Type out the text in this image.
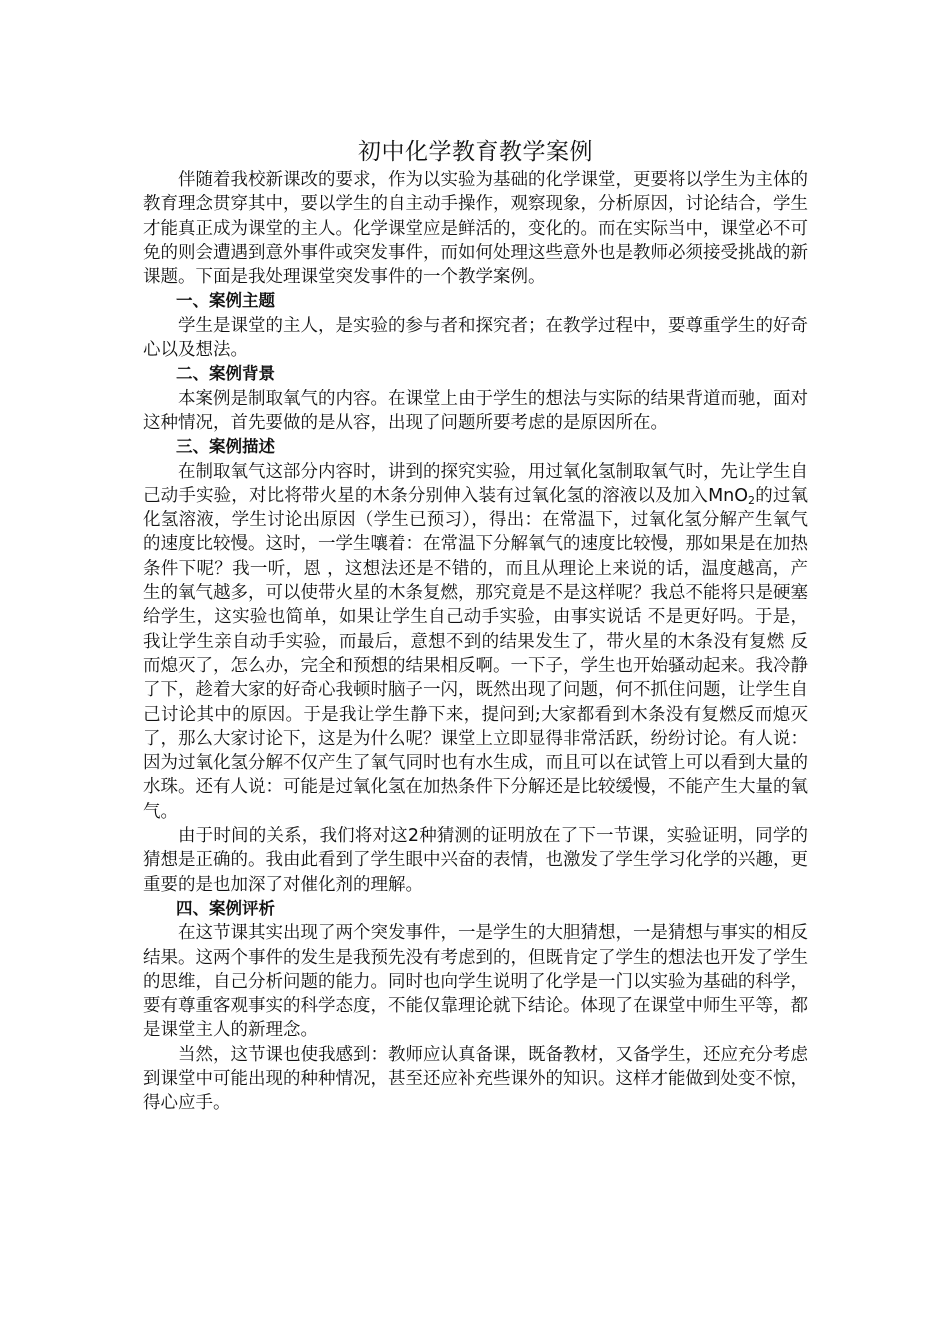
初中化学教育教学案例

伴随着我校新课改的要求，作为以实验为基础的化学课堂，更要将以学生为主体的教育理念贯穿其中，要以学生的自主动手操作，观察现象，分析原因，讨论结合，学生才能真正成为课堂的主人。化学课堂应是鲜活的，变化的。而在实际当中，课堂必不可免的则会遭遇到意外事件或突发事件，而如何处理这些意外也是教师必须接受挑战的新课题。下面是我处理课堂突发事件的一个教学案例。

一、案例主题

学生是课堂的主人，是实验的参与者和探究者；在教学过程中，要尊重学生的好奇心以及想法。

二、案例背景

本案例是制取氧气的内容。在课堂上由于学生的想法与实际的结果背道而驰，面对这种情况，首先要做的是从容，出现了问题所要考虑的是原因所在。

三、案例描述

在制取氧气这部分内容时，讲到的探究实验，用过氧化氢制取氧气时，先让学生自己动手实验，对比将带火星的木条分别伸入装有过氧化氢的溶液以及加入MnO$_2$的过氧化氢溶液，学生讨论出原因（学生已预习），得出：在常温下，过氧化氢分解产生氧气的速度比较慢。这时，一学生嚷着：在常温下分解氧气的速度比较慢，那如果是在加热条件下呢？我一听，恩 ，这想法还是不错的，而且从理论上来说的话，温度越高，产生的氧气越多，可以使带火星的木条复燃，那究竟是不是这样呢？我总不能将只是硬塞给学生，这实验也简单，如果让学生自己动手实验，由事实说话 不是更好吗。于是，我让学生亲自动手实验，而最后，意想不到的结果发生了，带火星的木条没有复燃 反而熄灭了，怎么办，完全和预想的结果相反啊。一下子，学生也开始骚动起来。我冷静了下，趁着大家的好奇心我顿时脑子一闪，既然出现了问题，何不抓住问题，让学生自己讨论其中的原因。于是我让学生静下来，提问到;大家都看到木条没有复燃反而熄灭了，那么大家讨论下，这是为什么呢？课堂上立即显得非常活跃，纷纷讨论。有人说：因为过氧化氢分解不仅产生了氧气同时也有水生成，而且可以在试管上可以看到大量的水珠。还有人说：可能是过氧化氢在加热条件下分解还是比较缓慢，不能产生大量的氧气。

由于时间的关系，我们将对这2种猜测的证明放在了下一节课，实验证明，同学的猜想是正确的。我由此看到了学生眼中兴奋的表情，也激发了学生学习化学的兴趣，更重要的是也加深了对催化剂的理解。

四、案例评析

在这节课其实出现了两个突发事件，一是学生的大胆猜想，一是猜想与事实的相反结果。这两个事件的发生是我预先没有考虑到的，但既肯定了学生的想法也开发了学生的思维，自己分析问题的能力。同时也向学生说明了化学是一门以实验为基础的科学，要有尊重客观事实的科学态度，不能仅靠理论就下结论。体现了在课堂中师生平等，都是课堂主人的新理念。

当然，这节课也使我感到：教师应认真备课，既备教材，又备学生，还应充分考虑到课堂中可能出现的种种情况，甚至还应补充些课外的知识。这样才能做到处变不惊，得心应手。
